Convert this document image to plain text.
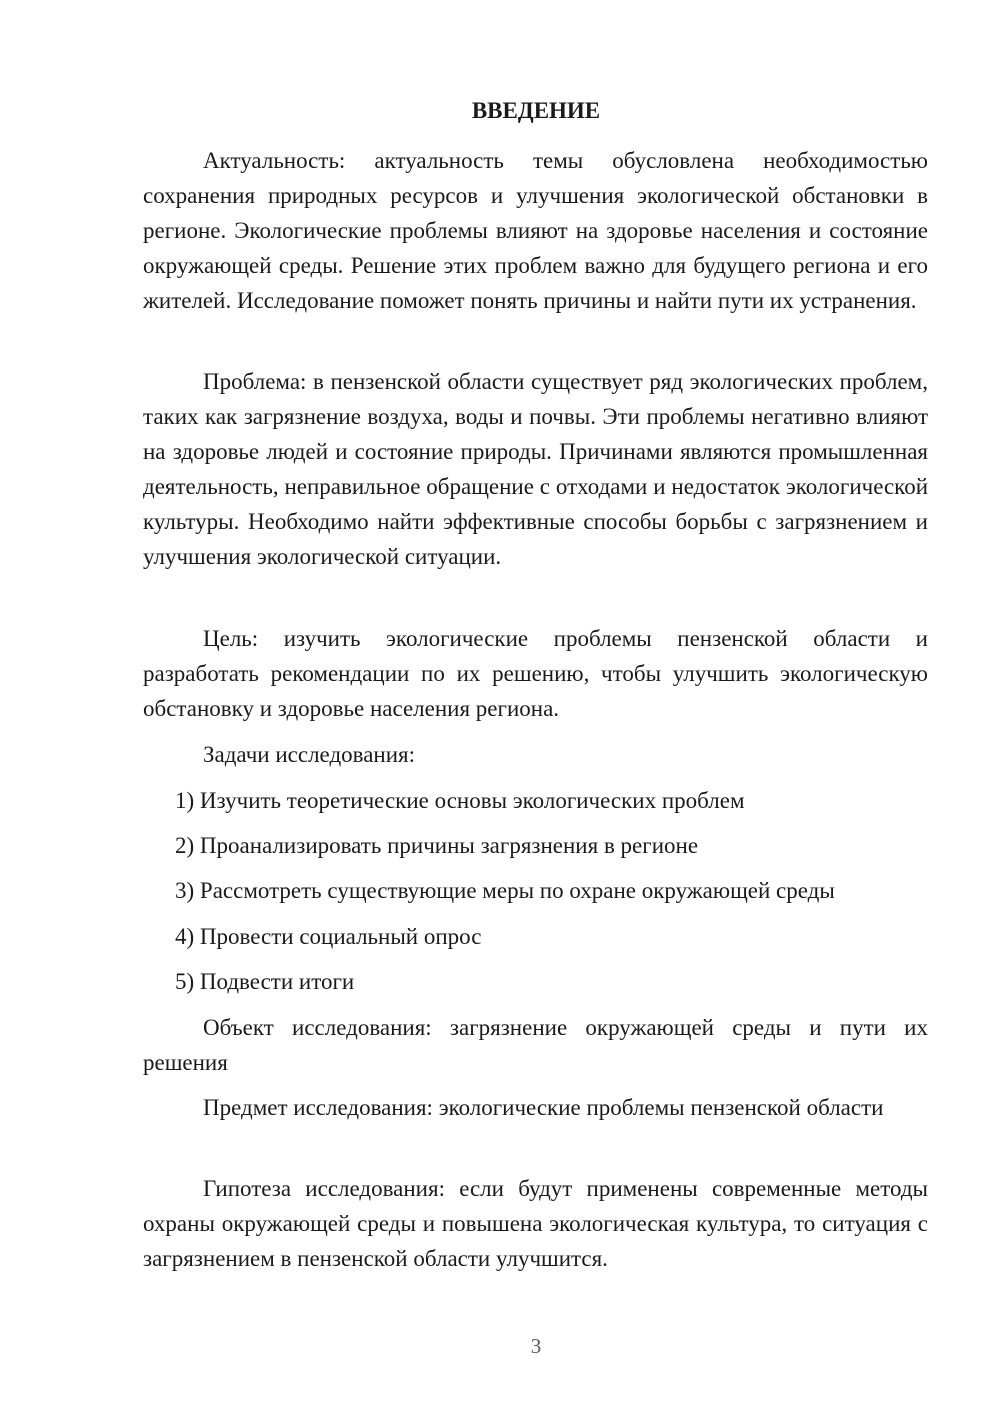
ВВЕДЕНИЕ

Актуальность: актуальность темы обусловлена необходимостью сохранения природных ресурсов и улучшения экологической обстановки в регионе. Экологические проблемы влияют на здоровье населения и состояние окружающей среды. Решение этих проблем важно для будущего региона и его жителей. Исследование поможет понять причины и найти пути их устранения.

Проблема: в пензенской области существует ряд экологических проблем, таких как загрязнение воздуха, воды и почвы. Эти проблемы негативно влияют на здоровье людей и состояние природы. Причинами являются промышленная деятельность, неправильное обращение с отходами и недостаток экологической культуры. Необходимо найти эффективные способы борьбы с загрязнением и улучшения экологической ситуации.

Цель: изучить экологические проблемы пензенской области и разработать рекомендации по их решению, чтобы улучшить экологическую обстановку и здоровье населения региона.

Задачи исследования:

1) Изучить теоретические основы экологических проблем

2) Проанализировать причины загрязнения в регионе

3) Рассмотреть существующие меры по охране окружающей среды

4) Провести социальный опрос

5) Подвести итоги

Объект исследования: загрязнение окружающей среды и пути их решения

Предмет исследования: экологические проблемы пензенской области

Гипотеза исследования: если будут применены современные методы охраны окружающей среды и повышена экологическая культура, то ситуация с загрязнением в пензенской области улучшится.

3
